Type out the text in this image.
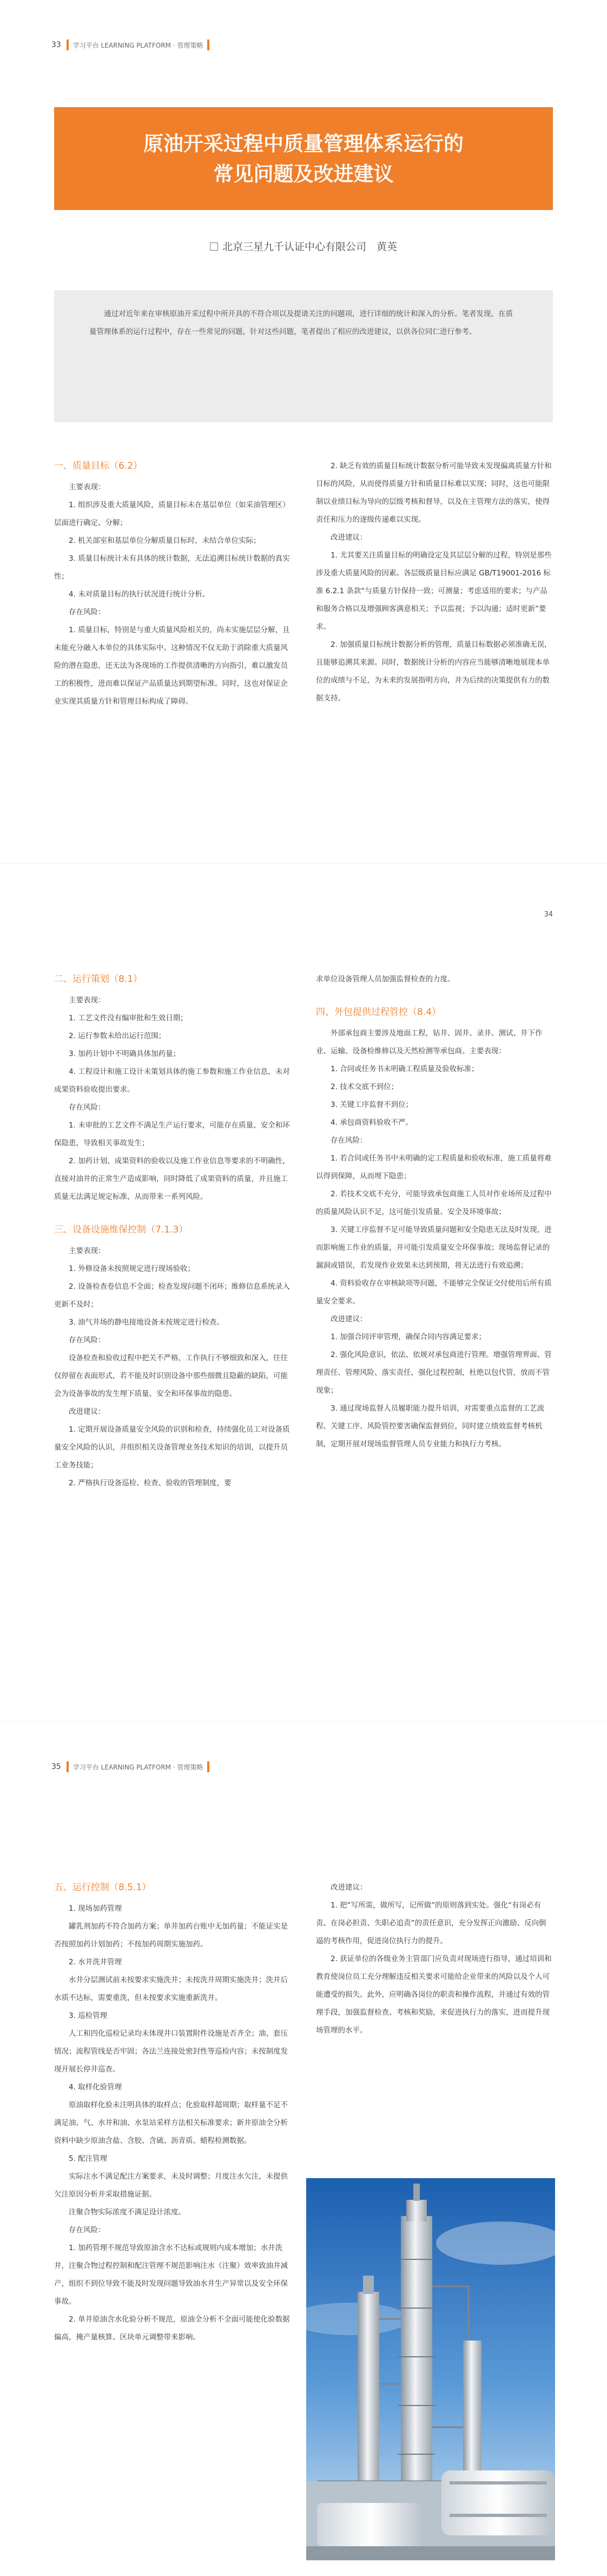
33 学习平台 LEARNING PLATFORM · 管理策略
原油开采过程中质量管理体系运行的
常见问题及改进建议
北京三星九千认证中心有限公司　黄英

通过对近年来在审核原油开采过程中所开具的不符合项以及提请关注的问题项，进行详细的统计和深入的分析。笔者发现，在质量管理体系的运行过程中，存在一些常见的问题，针对这些问题，笔者提出了相应的改进建议，以供各位同仁进行参考。

一、质量目标（6.2）

主要表现：

1. 组织涉及重大质量风险，质量目标未在基层单位（如采油管理区）层面进行确定、分解；

2. 机关部室和基层单位分解质量目标时，未结合单位实际；

3. 质量目标统计未有具体的统计数据，无法追溯目标统计数据的真实性；

4. 未对质量目标的执行状况进行统计分析。

存在风险：

1. 质量目标，特别是与重大质量风险相关的，尚未实施层层分解，且未能充分融入本单位的具体实际中。这种情况不仅无助于消除重大质量风险的潜在隐患，还无法为各现场的工作提供清晰的方向指引，难以激发员工的积极性，进而难以保证产品质量达到期望标准。同时，这也对保证企业实现其质量方针和管理目标构成了障碍。

2. 缺乏有效的质量目标统计数据分析可能导致未发现偏离质量方针和目标的风险，从而使得质量方针和质量目标难以实现；同时，这也可能限制以业绩目标为导向的层级考核和督导，以及在主管理方法的落实，使得责任和压力的逐级传递难以实现。

改进建议：

1. 尤其要关注质量目标的明确设定及其层层分解的过程，特别是那些涉及重大质量风险的因素。各层级质量目标应满足 GB/T19001-2016 标准 6.2.1 条款“与质量方针保持一致；可测量；考虑适用的要求；与产品和服务合格以及增强顾客满意相关；予以监视；予以沟通；适时更新”要求。

2. 加强质量目标统计数据分析的管理，质量目标数据必须准确无误，且能够追溯其来源。同时，数据统计分析的内容应当能够清晰地展现本单位的成绩与不足，为未来的发展指明方向，并为后续的决策提供有力的数据支持。

34
二、运行策划（8.1）

主要表现：

1. 工艺文件没有编审批和生效日期；

2. 运行参数未给出运行范围；

3. 加药计划中不明确具体加药量；

4. 工程设计和施工设计未策划具体的施工参数和施工作业信息，未对成果资料验收提出要求。

存在风险：

1. 未审批的工艺文件不满足生产运行要求，可能存在质量、安全和环保隐患，导致相关事故发生；

2. 加药计划、成果资料的验收以及施工作业信息等要求的不明确性，直接对油井的正常生产造成影响，同时降低了成果资料的质量，并且施工质量无法满足规定标准，从而带来一系列风险。

三、设备设施维保控制（7.1.3）

主要表现：

1. 外修设备未按照规定进行现场验收；

2. 设备检查卷信息不全面；检查发现问题不闭环；维修信息系统录入更新不及时；

3. 油气井场的静电接地设备未按规定进行检查。

存在风险：

设备检查和验收过程中把关不严格，工作执行不够细致和深入，往往仅停留在表面形式，若不能及时识别设备中那些细微且隐蔽的缺陷，可能会为设备事故的发生埋下质量、安全和环保事故的隐患。

改进建议：

1. 定期开展设备质量安全风险的识别和检查，持续强化员工对设备质量安全风险的认识，并组织相关设备管理业务技术知识的培训，以提升员工业务技能；

2. 严格执行设备巡检、检查、验收的管理制度，要

求单位设备管理人员加强监督检查的力度。

四、外包提供过程管控（8.4）

外部承包商主要涉及地面工程，钻井、固井、录井、测试、井下作业、运输、设备检维修以及天然检测等承包商。主要表现：

1. 合同或任务书未明确工程质量及验收标准；

2. 技术交底不到位；

3. 关键工序监督不到位；

4. 承包商资料验收不严。

存在风险：

1. 若合同或任务书中未明确的定工程质量和验收标准，施工质量将难以得到保障，从而埋下隐患；

2. 若技术交底不充分，可能导致承包商施工人员对作业场所及过程中的质量风险认识不足，这可能引发质量、安全及环境事故；

3. 关键工序监督不足可能导致质量问题和安全隐患无法及时发现，进而影响施工作业的质量，并可能引发质量安全环保事故；现场监督记录的漏洞或错误，若发现作业效果未达到预期，将无法进行有效追溯；

4. 资料验收存在审核缺项等问题，不能够完全保证交付使用后所有质量安全要求。

改进建议：

1. 加强合同评审管理，确保合同内容满足要求；

2. 强化风险意识，依法、依规对承包商进行管理。增强管理界面、管理责任、管理风险、落实责任，强化过程控制，杜绝以包代管，放而不管现象；

3. 通过现场监督人员履职能力提升培训，对需要重点监督的工艺流程、关键工序、风险管控要害确保监督到位，同时建立绩效监督考核机制，定期开展对现场监督管理人员专业能力和执行力考核。

35 学习平台 LEARNING PLATFORM · 管理策略
五、运行控制（8.5.1）

1. 现场加药管理

罐乳剂加药不符合加药方案；单井加药台账中无加药量；不能证实是否按照加药计划加药；不按加药周期实施加药。

2. 水井洗井管理

水井分层测试前未按要求实施洗井；未按洗井周期实施洗井；洗井后水质不达标，需要重洗，但未按要求实施重新洗井。

3. 巡检管理

人工和四化巡检记录均未体现井口装置附件设施是否齐全；油、套压情况；流程管线是否牢固；各法兰连接处密封性等巡检内容；未按制度发现开展长停井巡查。

4. 取样化验管理

原油取样化验未注明具体的取样点；化验取样超周期；取样量不足不满足油、气、水井和油、水泵站采样方法相关标准要求；新井原油全分析资料中缺少原油含盐、含胶、含硫、沥青质、蜡程检测数据。

5. 配注管理

实际注水不满足配注方案要求，未及时调整；月度注水欠注，未提供欠注原因分析并采取措施证据。

注聚合物实际浓度不满足设计浓度。

存在风险：

1. 加药管理不规范导致原油含水不达标或规则内成本增加；水井洗井，注聚合物过程控制和配注管理不规范影响注水（注聚）效率致油井减产，组织不到位导致不能及时发现问题导致油水井生产异常以及安全环保事故。

2. 单井原油含水化验分析不规范，原油全分析不全面可能使化验数据偏高，掩产量核算、区块单元调整带来影响。

改进建议：

1. 把“写所需，做所写，记所做”的原则落到实处。强化“有岗必有责、在岗必担责、失职必追责”的责任意识，充分发挥正向激励、反向倒逼的考核作用，促进岗位执行力的提升。

2. 获证单位的各级业务主管部门应负责对现场进行指导，通过培训和教育使岗位员工充分理解违反相关要求可能给企业带来的风险以及个人可能遭受的损失。此外，应明确各岗位的职责和操作流程，并通过有效的管理手段，加强监督检查、考核和奖励，来促进执行力的落实，进而提升现场管理的水平。
